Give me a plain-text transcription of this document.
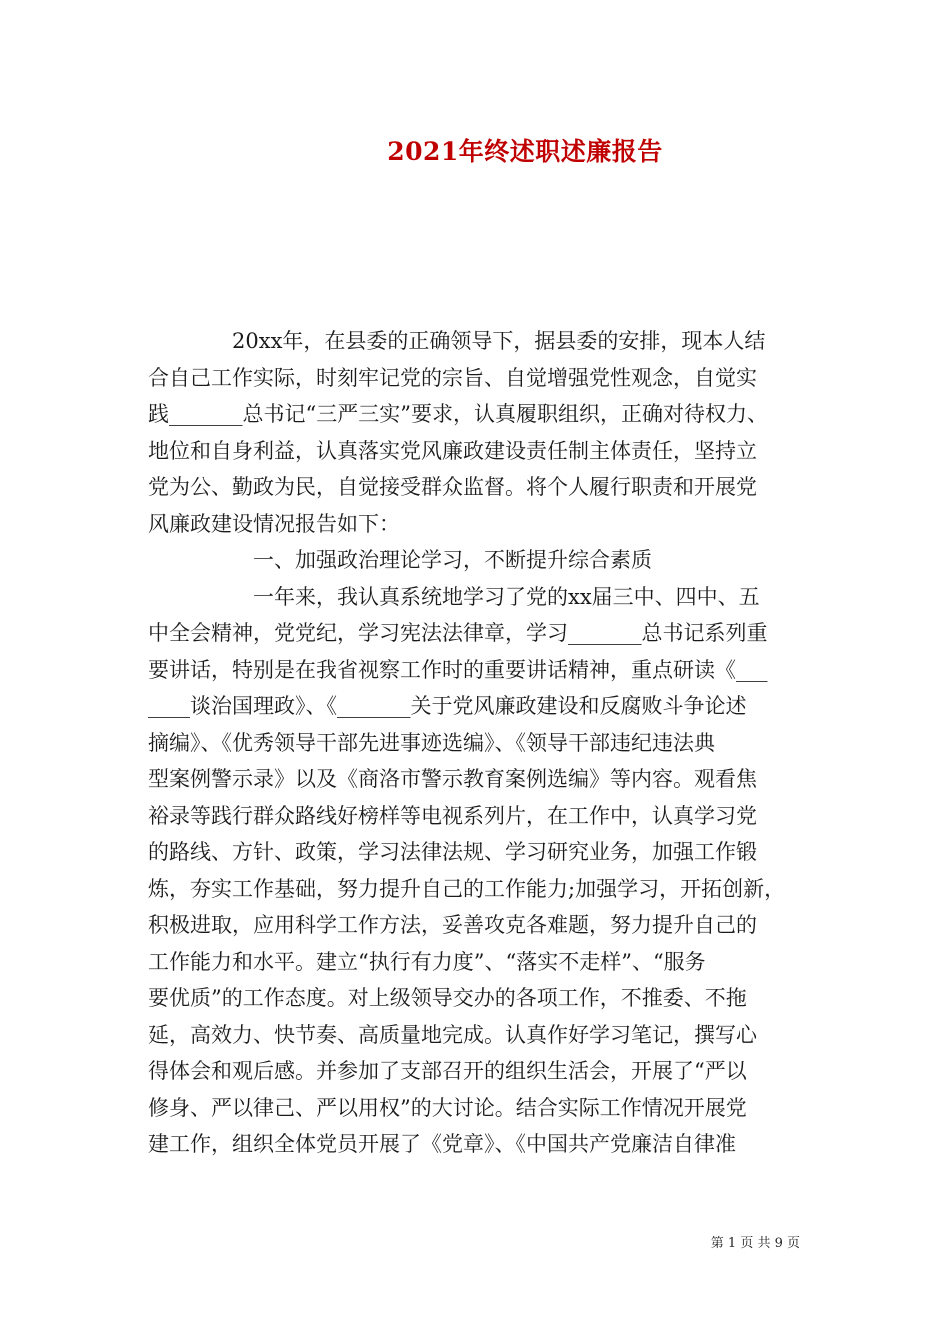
2021年终述职述廉报告
　　　　20xx年，在县委的正确领导下，据县委的安排，现本人结
合自己工作实际，时刻牢记党的宗旨、自觉增强党性观念，自觉实
践_______总书记“三严三实”要求，认真履职组织，正确对待权力、
地位和自身利益，认真落实党风廉政建设责任制主体责任，坚持立
党为公、勤政为民，自觉接受群众监督。将个人履行职责和开展党
风廉政建设情况报告如下：
　　　　　一、加强政治理论学习，不断提升综合素质
　　　　　一年来，我认真系统地学习了党的xx届三中、四中、五
中全会精神，党党纪，学习宪法法律章，学习_______总书记系列重
要讲话，特别是在我省视察工作时的重要讲话精神，重点研读《___
____谈治国理政》、《_______关于党风廉政建设和反腐败斗争论述
摘编》、《优秀领导干部先进事迹选编》、《领导干部违纪违法典
型案例警示录》以及《商洛市警示教育案例选编》等内容。观看焦
裕录等践行群众路线好榜样等电视系列片，在工作中，认真学习党
的路线、方针、政策，学习法律法规、学习研究业务，加强工作锻
炼，夯实工作基础，努力提升自己的工作能力;加强学习，开拓创新，
积极进取，应用科学工作方法，妥善攻克各难题，努力提升自己的
工作能力和水平。建立“执行有力度”、“落实不走样”、“服务
要优质”的工作态度。对上级领导交办的各项工作，不推委、不拖
延，高效力、快节奏、高质量地完成。认真作好学习笔记，撰写心
得体会和观后感。并参加了支部召开的组织生活会，开展了“严以
修身、严以律己、严以用权”的大讨论。结合实际工作情况开展党
建工作，组织全体党员开展了《党章》、《中国共产党廉洁自律准
第 1 页 共 9 页
